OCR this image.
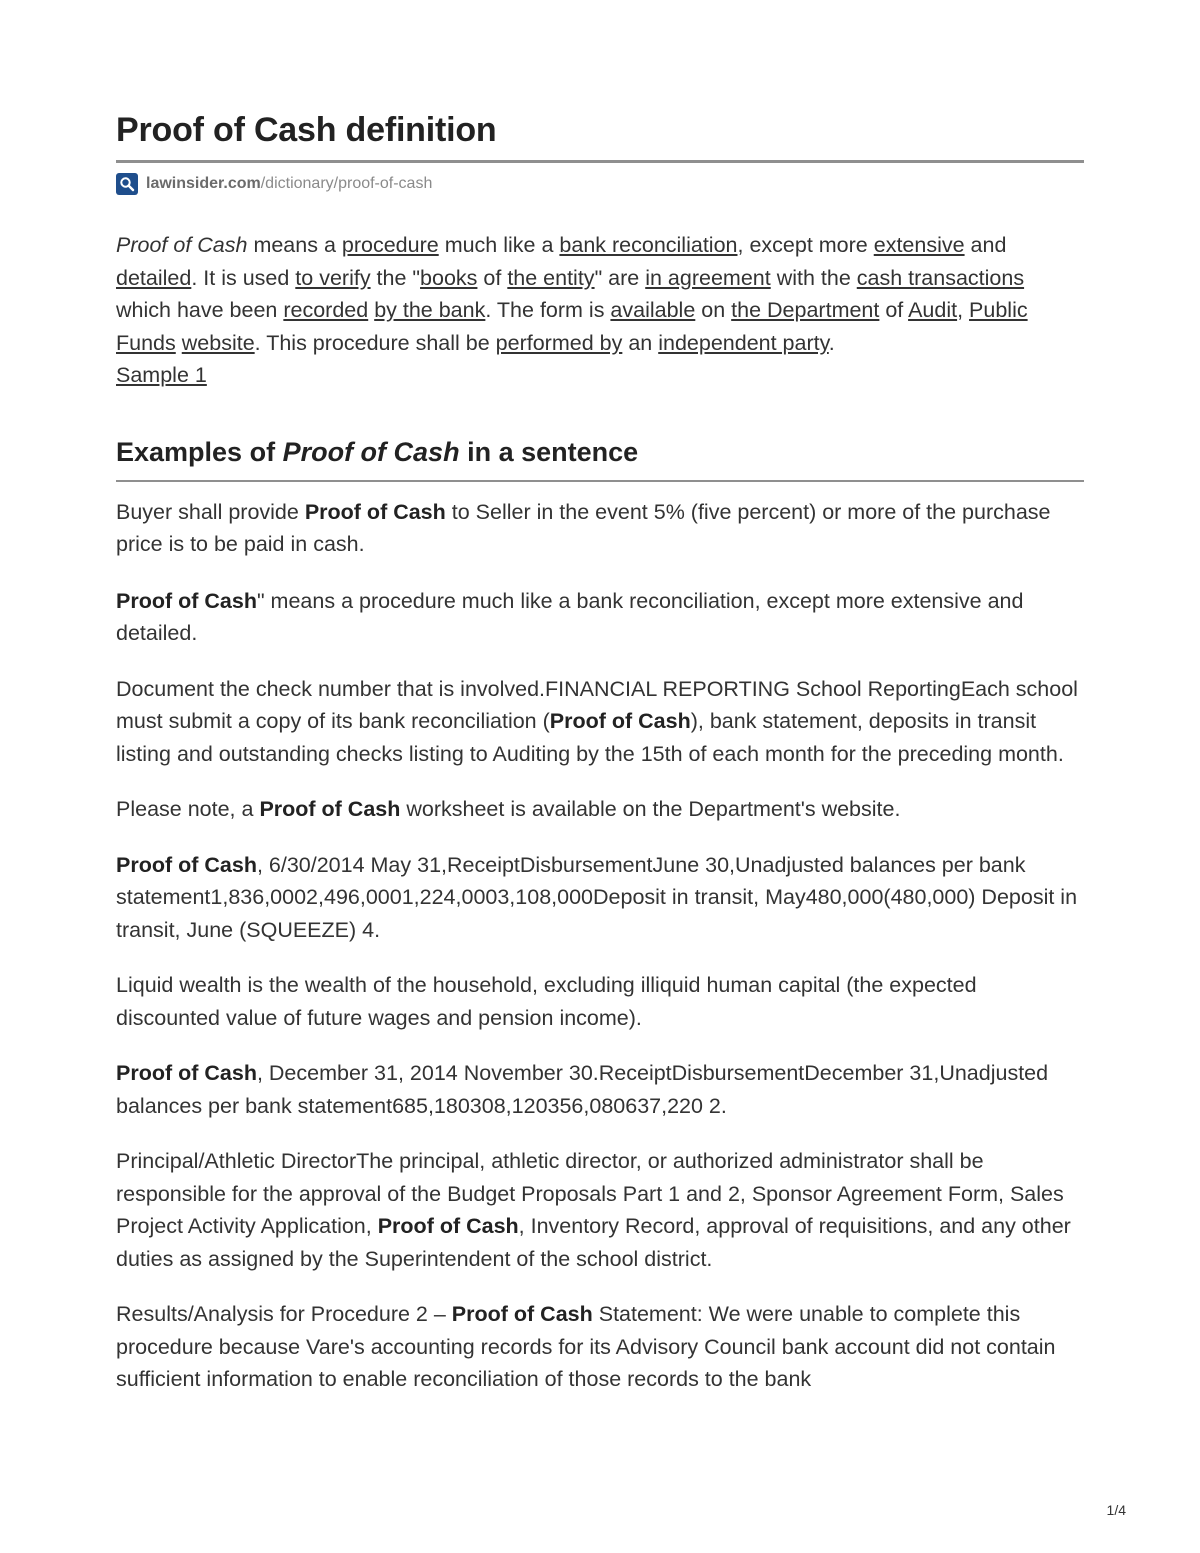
Proof of Cash definition
lawinsider.com /dictionary/proof-of-cash
Proof of Cash means a procedure much like a bank reconciliation, except more extensive and detailed. It is used to verify the "books of the entity" are in agreement with the cash transactions which have been recorded by the bank. The form is available on the Department of Audit, Public Funds website. This procedure shall be performed by an independent party.
Sample 1
Examples of Proof of Cash in a sentence

Buyer shall provide Proof of Cash to Seller in the event 5% (five percent) or more of the purchase price is to be paid in cash.

Proof of Cash" means a procedure much like a bank reconciliation, except more extensive and detailed.

Document the check number that is involved.FINANCIAL REPORTING School ReportingEach school must submit a copy of its bank reconciliation (Proof of Cash), bank statement, deposits in transit listing and outstanding checks listing to Auditing by the 15th of each month for the preceding month.

Please note, a Proof of Cash worksheet is available on the Department's website.

Proof of Cash, 6/30/2014 May 31,ReceiptDisbursementJune 30,Unadjusted balances per bank statement1,836,0002,496,0001,224,0003,108,000Deposit in transit, May480,000(480,000) Deposit in transit, June (SQUEEZE) 4.

Liquid wealth is the wealth of the household, excluding illiquid human capital (the expected discounted value of future wages and pension income).

Proof of Cash, December 31, 2014 November 30.ReceiptDisbursementDecember 31,Unadjusted balances per bank statement685,180308,120356,080637,220 2.

Principal/Athletic DirectorThe principal, athletic director, or authorized administrator shall be responsible for the approval of the Budget Proposals Part 1 and 2, Sponsor Agreement Form, Sales Project Activity Application, Proof of Cash, Inventory Record, approval of requisitions, and any other duties as assigned by the Superintendent of the school district.

Results/Analysis for Procedure 2 – Proof of Cash Statement: We were unable to complete this procedure because Vare's accounting records for its Advisory Council bank account did not contain sufficient information to enable reconciliation of those records to the bank

1/4
